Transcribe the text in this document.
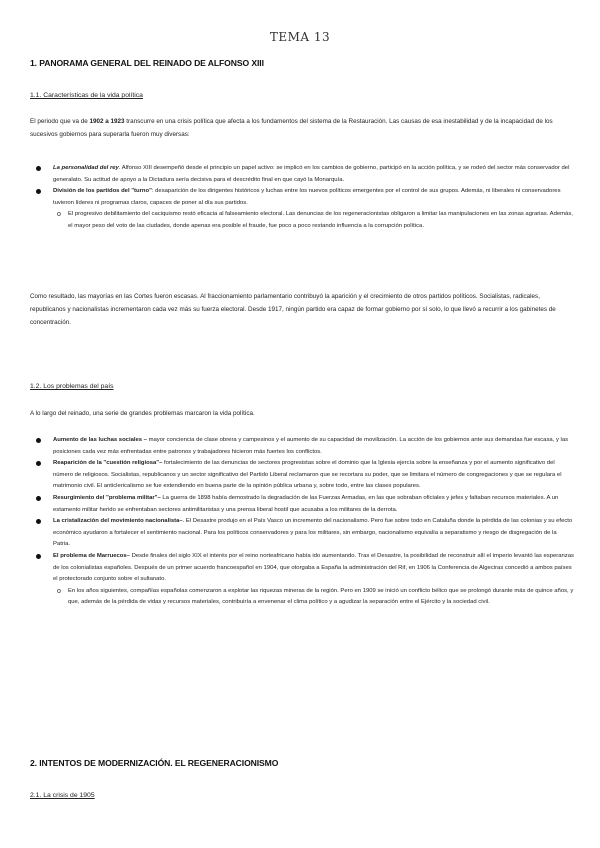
TEMA 13
1. PANORAMA GENERAL DEL REINADO DE ALFONSO XIII
1.1. Características de la vida política
El periodo que va de 1902 a 1923 transcurre en una crisis política que afecta a los fundamentos del sistema de la Restauración. Las causas de esa inestabilidad y de la incapacidad de los sucesivos gobiernos para superarla fueron muy diversas:
La personalidad del rey. Alfonso XIII desempeñó desde el principio un papel activo: se implicó en los cambios de gobierno, participó en la acción política, y se rodeó del sector más conservador del generalato. Su actitud de apoyo a la Dictadura sería decisiva para el descrédito final en que cayó la Monarquía.
División de los partidos del "turno": desaparición de los dirigentes históricos y luchas entre los nuevos políticos emergentes por el control de sus grupos. Además, ni liberales ni conservadores tuvieron líderes ni programas claros, capaces de poner al día sus partidos.
o El progresivo debilitamiento del caciquismo restó eficacia al falseamiento electoral. Las denuncias de los regeneracionistas obligaron a limitar las manipulaciones en las zonas agrarias. Además, el mayor peso del voto de las ciudades, donde apenas era posible el fraude, fue poco a poco restando influencia a la corrupción política.
Como resultado, las mayorías en las Cortes fueron escasas. Al fraccionamiento parlamentario contribuyó la aparición y el crecimiento de otros partidos políticos. Socialistas, radicales, republicanos y nacionalistas incrementaron cada vez más su fuerza electoral. Desde 1917, ningún partido era capaz de formar gobierno por sí solo, lo que llevó a recurrir a los gabinetes de concentración.
1.2. Los problemas del país
A lo largo del reinado, una serie de grandes problemas marcaron la vida política.
Aumento de las luchas sociales – mayor conciencia de clase obrera y campesinos y el aumento de su capacidad de movilización. La acción de los gobiernos ante sus demandas fue escasa, y las posiciones cada vez más enfrentadas entre patronos y trabajadores hicieron más fuertes los conflictos.
Reaparición de la "cuestión religiosa"– fortalecimiento de las denuncias de sectores progresistas sobre el dominio que la Iglesia ejercía sobre la enseñanza y por el aumento significativo del número de religiosos. Socialistas, republicanos y un sector significativo del Partido Liberal reclamaron que se recortara su poder, que se limitara el número de congregaciones y que se regulara el matrimonio civil. El anticlericalismo se fue extendiendo en buena parte de la opinión pública urbana y, sobre todo, entre las clases populares.
Resurgimiento del "problema militar"– La guerra de 1898 había demostrado la degradación de las Fuerzas Armadas, en las que sobraban oficiales y jefes y faltaban recursos materiales. A un estamento militar herido se enfrentaban sectores antimilitaristas y una prensa liberal hostil que acusaba a los militares de la derrota.
La cristalización del movimiento nacionalista–. El Desastre produjo en el País Vasco un incremento del nacionalismo. Pero fue sobre todo en Cataluña donde la pérdida de las colonias y su efecto económico ayudaron a fortalecer el sentimiento nacional. Para los políticos conservadores y para los militares, sin embargo, nacionalismo equivalía a separatismo y riesgo de disgregación de la Patria.
El problema de Marruecos– Desde finales del siglo XIX el interés por el reino norteafricano había ido aumentando. Tras el Desastre, la posibilidad de reconstruir allí el imperio levantó las esperanzas de los colonialistas españoles. Después de un primer acuerdo francoespañol en 1904, que otorgaba a España la administración del Rif, en 1906 la Conferencia de Algeciras concedió a ambos países el protectorado conjunto sobre el sultanato.
o En los años siguientes, compañías españolas comenzaron a explotar las riquezas mineras de la región. Pero en 1909 se inició un conflicto bélico que se prolongó durante más de quince años, y que, además de la pérdida de vidas y recursos materiales, contribuiría a envenenar el clima político y a agudizar la separación entre el Ejército y la sociedad civil.
2. INTENTOS DE MODERNIZACIÓN. EL REGENERACIONISMO
2.1. La crisis de 1905
